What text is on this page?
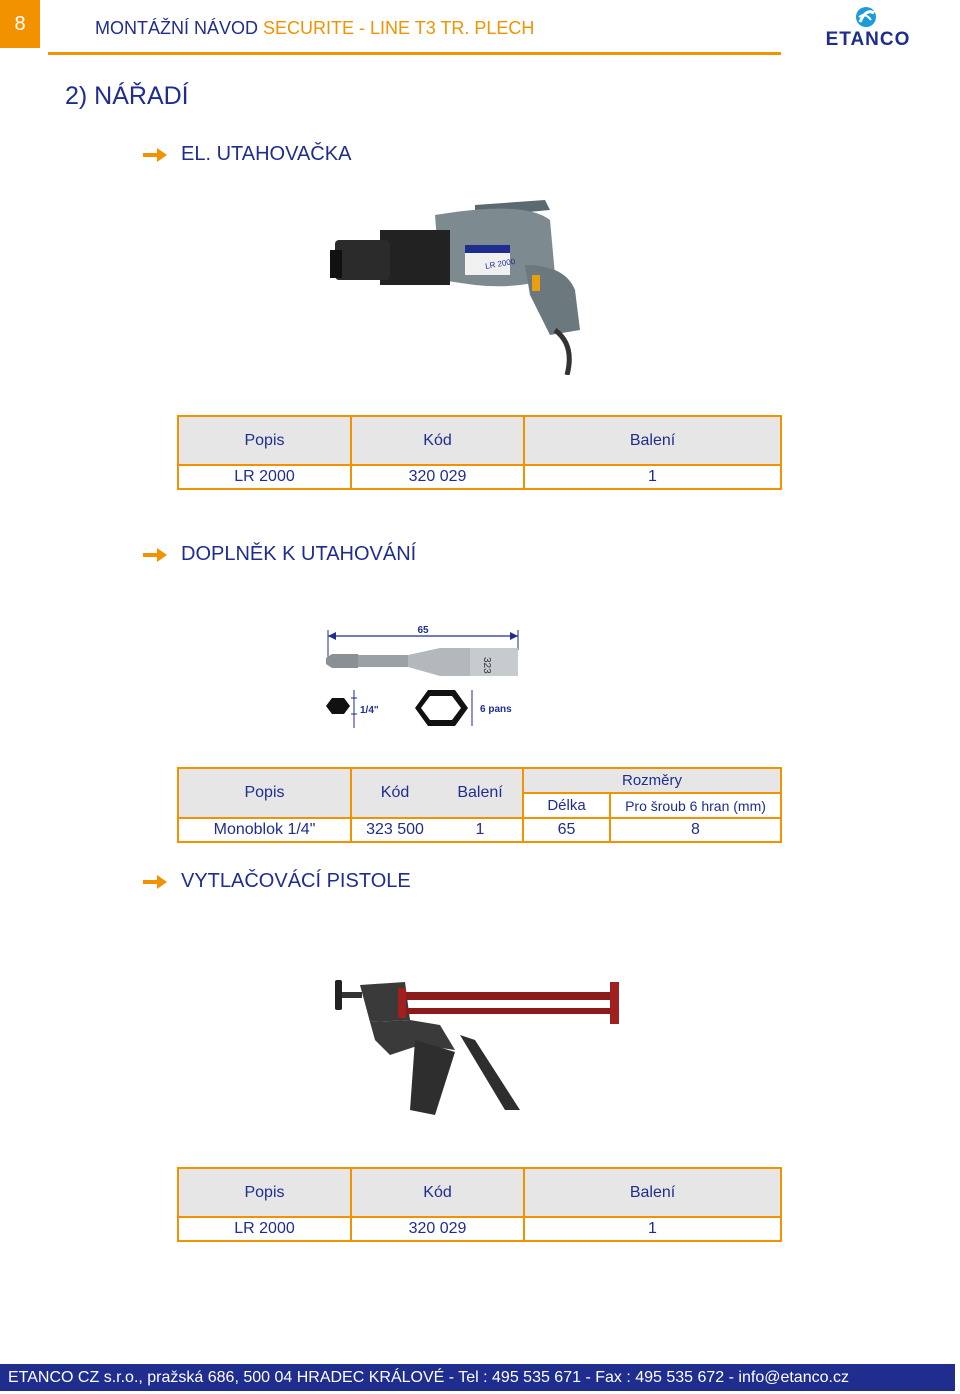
8	MONTÁŽNÍ NÁVOD SECURITE - LINE T3 TR. PLECH
ETANCO
2) NÁŘADÍ
EL. UTAHOVAČKA
LR 2000
Popis	Kód	Balení
LR 2000	320 029	1
DOPLNĚK K UTAHOVÁNÍ
65
323
1/4"	6 pans
Popis	Kód	Balení	Rozměry	
			Délka	Pro šroub 6 hran (mm)
Monoblok 1/4"	323 500	1	65	8
VYTLAČOVÁCÍ PISTOLE
Popis	Kód	Balení
LR 2000	320 029	1
ETANCO CZ s.r.o., pražská 686, 500 04 HRADEC KRÁLOVÉ - Tel : 495 535 671 - Fax : 495 535 672 - info@etanco.cz
